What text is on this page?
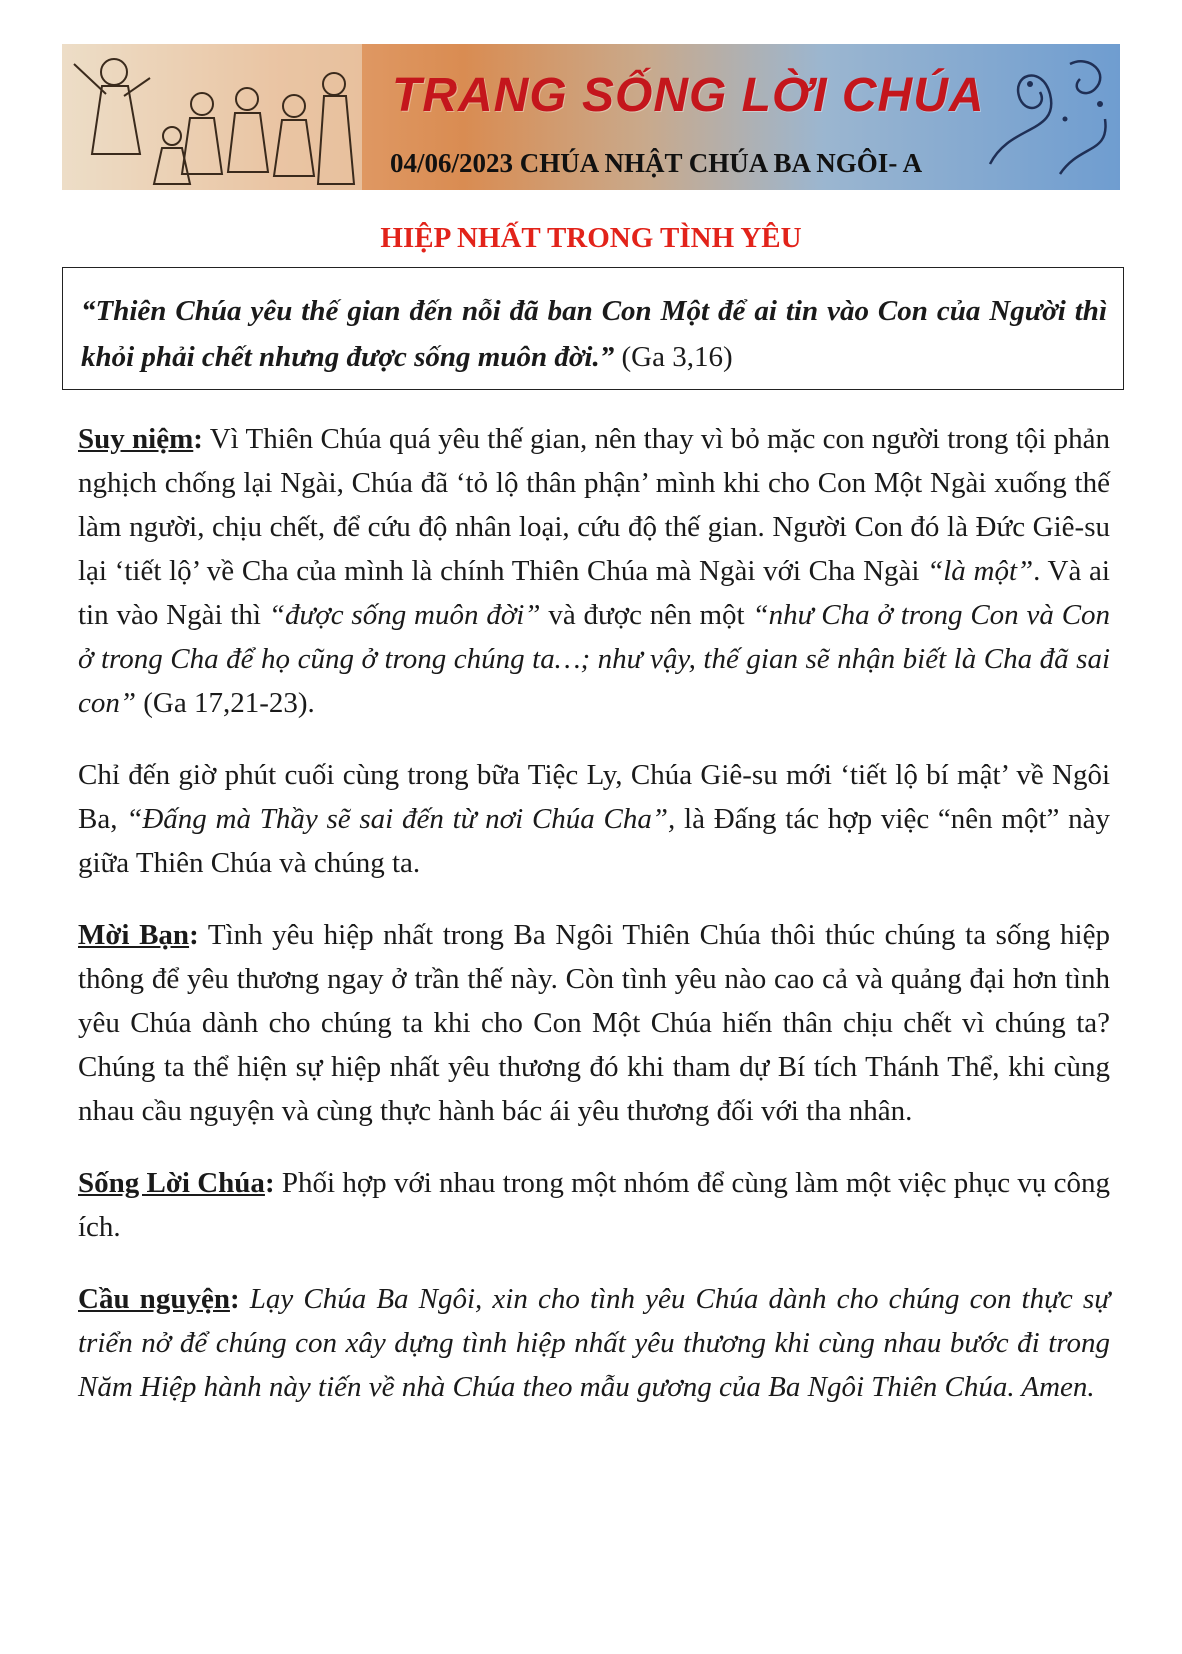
TRANG SỐNG LỜI CHÚA
04/06/2023 CHÚA NHẬT CHÚA BA NGÔI- A
HIỆP NHẤT TRONG TÌNH YÊU
“Thiên Chúa yêu thế gian đến nỗi đã ban Con Một để ai tin vào Con của Người thì khỏi phải chết nhưng được sống muôn đời.” (Ga 3,16)

Suy niệm: Vì Thiên Chúa quá yêu thế gian, nên thay vì bỏ mặc con người trong tội phản nghịch chống lại Ngài, Chúa đã ‘tỏ lộ thân phận’ mình khi cho Con Một Ngài xuống thế làm người, chịu chết, để cứu độ nhân loại, cứu độ thế gian. Người Con đó là Đức Giê-su lại ‘tiết lộ’ về Cha của mình là chính Thiên Chúa mà Ngài với Cha Ngài “là một”. Và ai tin vào Ngài thì “được sống muôn đời” và được nên một “như Cha ở trong Con và Con ở trong Cha để họ cũng ở trong chúng ta…; như vậy, thế gian sẽ nhận biết là Cha đã sai con” (Ga 17,21-23).

Chỉ đến giờ phút cuối cùng trong bữa Tiệc Ly, Chúa Giê-su mới ‘tiết lộ bí mật’ về Ngôi Ba, “Đấng mà Thầy sẽ sai đến từ nơi Chúa Cha”, là Đấng tác hợp việc “nên một” này giữa Thiên Chúa và chúng ta.

Mời Bạn: Tình yêu hiệp nhất trong Ba Ngôi Thiên Chúa thôi thúc chúng ta sống hiệp thông để yêu thương ngay ở trần thế này. Còn tình yêu nào cao cả và quảng đại hơn tình yêu Chúa dành cho chúng ta khi cho Con Một Chúa hiến thân chịu chết vì chúng ta? Chúng ta thể hiện sự hiệp nhất yêu thương đó khi tham dự Bí tích Thánh Thể, khi cùng nhau cầu nguyện và cùng thực hành bác ái yêu thương đối với tha nhân.

Sống Lời Chúa: Phối hợp với nhau trong một nhóm để cùng làm một việc phục vụ công ích.

Cầu nguyện: Lạy Chúa Ba Ngôi, xin cho tình yêu Chúa dành cho chúng con thực sự triển nở để chúng con xây dựng tình hiệp nhất yêu thương khi cùng nhau bước đi trong Năm Hiệp hành này tiến về nhà Chúa theo mẫu gương của Ba Ngôi Thiên Chúa. Amen.
